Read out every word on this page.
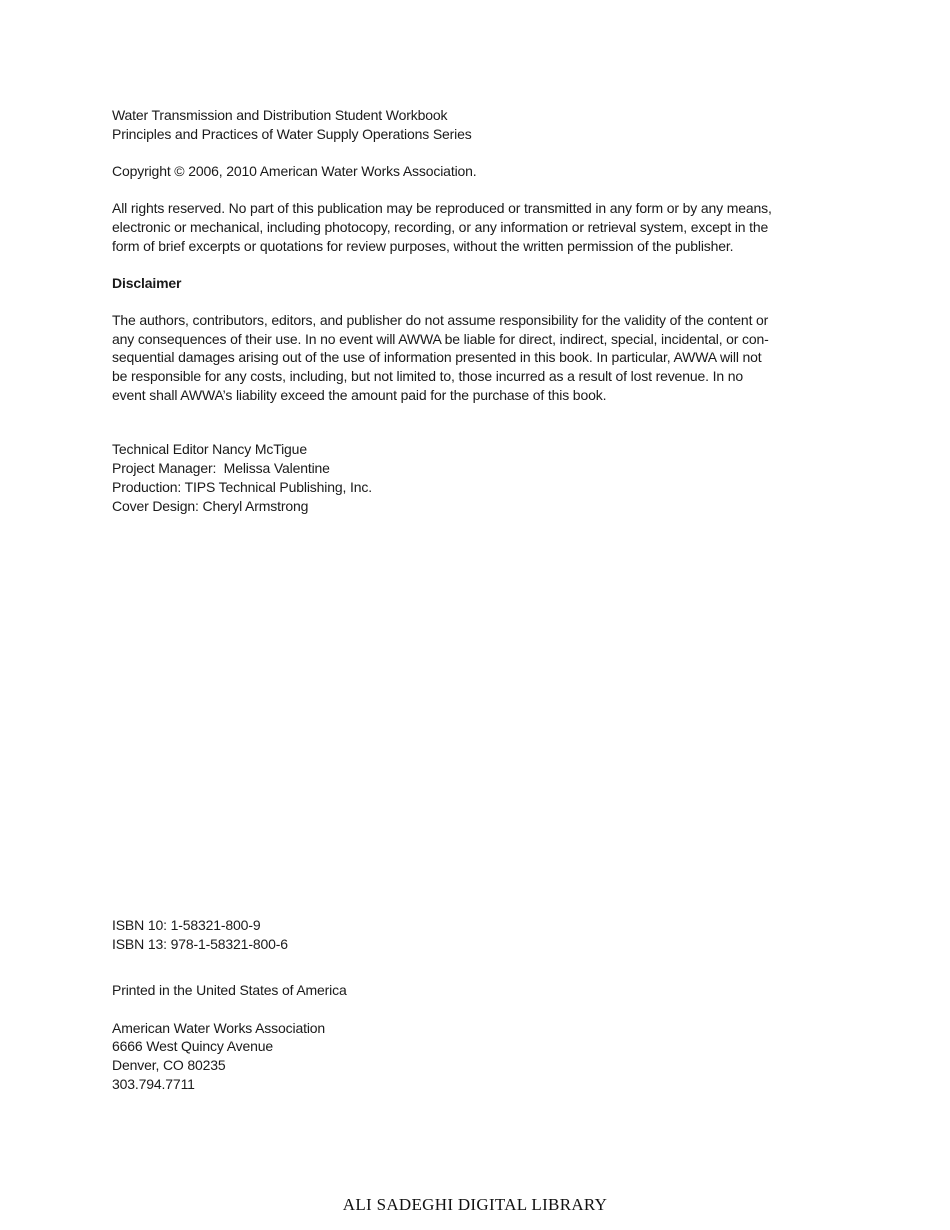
Water Transmission and Distribution Student Workbook
Principles and Practices of Water Supply Operations Series
Copyright © 2006, 2010 American Water Works Association.
All rights reserved. No part of this publication may be reproduced or transmitted in any form or by any means,
electronic or mechanical, including photocopy, recording, or any information or retrieval system, except in the
form of brief excerpts or quotations for review purposes, without the written permission of the publisher.
Disclaimer
The authors, contributors, editors, and publisher do not assume responsibility for the validity of the content or
any consequences of their use. In no event will AWWA be liable for direct, indirect, special, incidental, or con-
sequential damages arising out of the use of information presented in this book. In particular, AWWA will not
be responsible for any costs, including, but not limited to, those incurred as a result of lost revenue. In no
event shall AWWA’s liability exceed the amount paid for the purchase of this book.
Technical Editor Nancy McTigue
Project Manager:  Melissa Valentine
Production: TIPS Technical Publishing, Inc.
Cover Design: Cheryl Armstrong
ISBN 10: 1-58321-800-9
ISBN 13: 978-1-58321-800-6
Printed in the United States of America
American Water Works Association
6666 West Quincy Avenue
Denver, CO 80235
303.794.7711
ALI SADEGHI DIGITAL LIBRARY
